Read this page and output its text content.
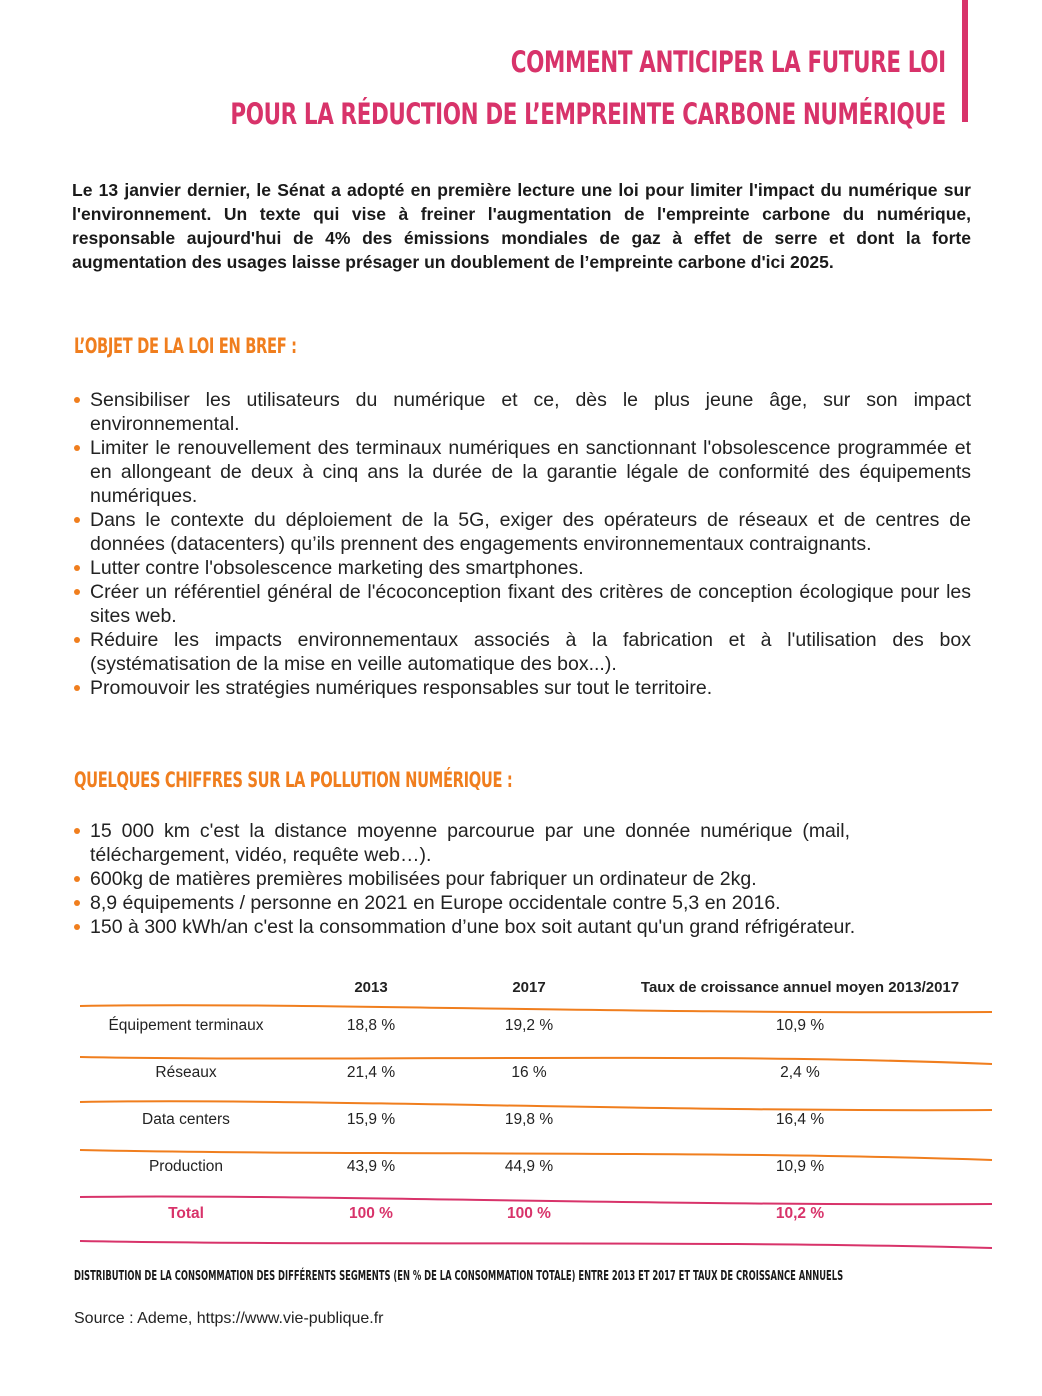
COMMENT ANTICIPER LA FUTURE LOI
POUR LA RÉDUCTION DE L’EMPREINTE CARBONE NUMÉRIQUE

Le 13 janvier dernier, le Sénat a adopté en première lecture une loi pour limiter l'impact du numérique sur l'environnement. Un texte qui vise à freiner l'augmentation de l'empreinte carbone du numérique, responsable aujourd'hui de 4% des émissions mondiales de gaz à effet de serre et dont la forte augmentation des usages laisse présager un doublement de l’empreinte carbone d'ici 2025.

L’OBJET DE LA LOI EN BREF :
Sensibiliser les utilisateurs du numérique et ce, dès le plus jeune âge, sur son impact environnemental.
Limiter le renouvellement des terminaux numériques en sanctionnant l'obsolescence programmée et en allongeant de deux à cinq ans la durée de la garantie légale de conformité des équipements numériques.
Dans le contexte du déploiement de la 5G, exiger des opérateurs de réseaux et de centres de données (datacenters) qu’ils prennent des engagements environnementaux contraignants.
Lutter contre l'obsolescence marketing des smartphones.
Créer un référentiel général de l'écoconception fixant des critères de conception écologique pour les sites web.
Réduire les impacts environnementaux associés à la fabrication et à l'utilisation des box (systématisation de la mise en veille automatique des box...).
Promouvoir les stratégies numériques responsables sur tout le territoire.
QUELQUES CHIFFRES SUR LA POLLUTION NUMÉRIQUE :
15 000 km c'est la distance moyenne parcourue par une donnée numérique (mail, téléchargement, vidéo, requête web…).
600kg de matières premières mobilisées pour fabriquer un ordinateur de 2kg.
8,9 équipements / personne en 2021 en Europe occidentale contre 5,3 en 2016.
150 à 300 kWh/an c'est la consommation d’une box soit autant qu'un grand réfrigérateur.
	2013	2017	Taux de croissance annuel moyen 2013/2017
Équipement terminaux	18,8 %	19,2 %	10,9 %
Réseaux	21,4 %	16 %	2,4 %
Data centers	15,9 %	19,8 %	16,4 %
Production	43,9 %	44,9 %	10,9 %
Total	100 %	100 %	10,2 %
DISTRIBUTION DE LA CONSOMMATION DES DIFFÉRENTS SEGMENTS (EN % DE LA CONSOMMATION TOTALE) ENTRE 2013 ET 2017 ET TAUX DE CROISSANCE ANNUELS
Source : Ademe, https://www.vie-publique.fr
